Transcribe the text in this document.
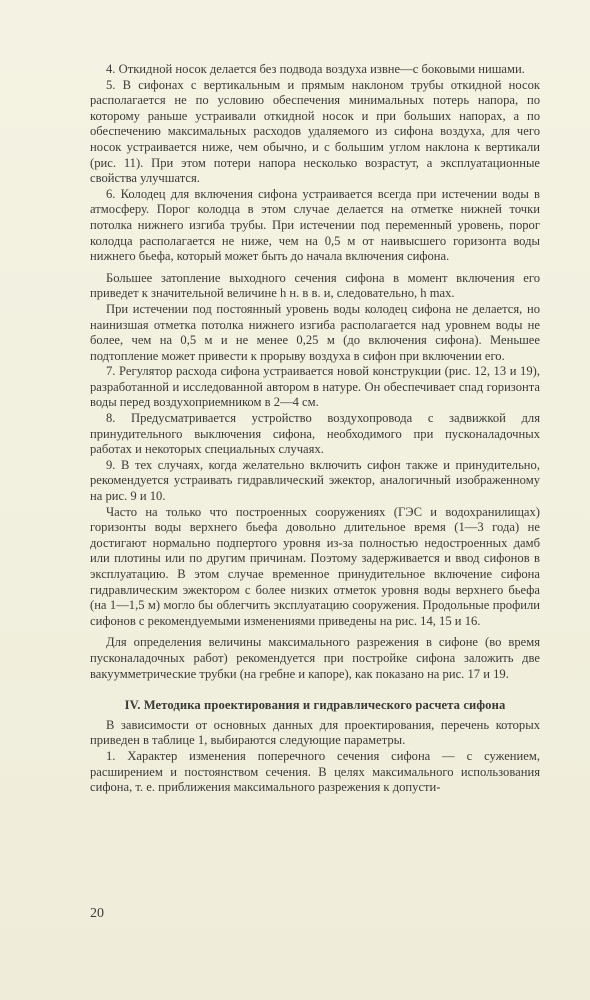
4. Откидной носок делается без подвода воздуха извне—с боковыми нишами.

5. В сифонах с вертикальным и прямым наклоном трубы откидной носок располагается не по условию обеспечения минимальных потерь напора, по которому раньше устраивали откидной носок и при больших напорах, а по обеспечению максимальных расходов удаляемого из сифона воздуха, для чего носок устраивается ниже, чем обычно, и с большим углом наклона к вертикали (рис. 11). При этом потери напора несколько возрастут, а эксплуатационные свойства улучшатся.

6. Колодец для включения сифона устраивается всегда при истечении воды в атмосферу. Порог колодца в этом случае делается на отметке нижней точки потолка нижнего изгиба трубы. При истечении под переменный уровень, порог колодца располагается не ниже, чем на 0,5 м от наивысшего горизонта воды нижнего бьефа, который может быть до начала включения сифона.

Большее затопление выходного сечения сифона в момент включения его приведет к значительной величине h н. в в. и, следовательно, h max.

При истечении под постоянный уровень воды колодец сифона не делается, но наинизшая отметка потолка нижнего изгиба располагается над уровнем воды не более, чем на 0,5 м и не менее 0,25 м (до включения сифона). Меньшее подтопление может привести к прорыву воздуха в сифон при включении его.

7. Регулятор расхода сифона устраивается новой конструкции (рис. 12, 13 и 19), разработанной и исследованной автором в натуре. Он обеспечивает спад горизонта воды перед воздухоприемником в 2—4 см.

8. Предусматривается устройство воздухопровода с задвижкой для принудительного выключения сифона, необходимого при пусконаладочных работах и некоторых специальных случаях.

9. В тех случаях, когда желательно включить сифон также и принудительно, рекомендуется устраивать гидравлический эжектор, аналогичный изображенному на рис. 9 и 10.

Часто на только что построенных сооружениях (ГЭС и водохранилищах) горизонты воды верхнего бьефа довольно длительное время (1—3 года) не достигают нормально подпертого уровня из-за полностью недостроенных дамб или плотины или по другим причинам. Поэтому задерживается и ввод сифонов в эксплуатацию. В этом случае временное принудительное включение сифона гидравлическим эжектором с более низких отметок уровня воды верхнего бьефа (на 1—1,5 м) могло бы облегчить эксплуатацию сооружения. Продольные профили сифонов с рекомендуемыми изменениями приведены на рис. 14, 15 и 16.

Для определения величины максимального разрежения в сифоне (во время пусконаладочных работ) рекомендуется при постройке сифона заложить две вакуумметрические трубки (на гребне и капоре), как показано на рис. 17 и 19.

IV. Методика проектирования и гидравлического расчета сифона

В зависимости от основных данных для проектирования, перечень которых приведен в таблице 1, выбираются следующие параметры.

1. Характер изменения поперечного сечения сифона — с сужением, расширением и постоянством сечения. В целях максимального использования сифона, т. е. приближения максимального разрежения к допусти-

20
